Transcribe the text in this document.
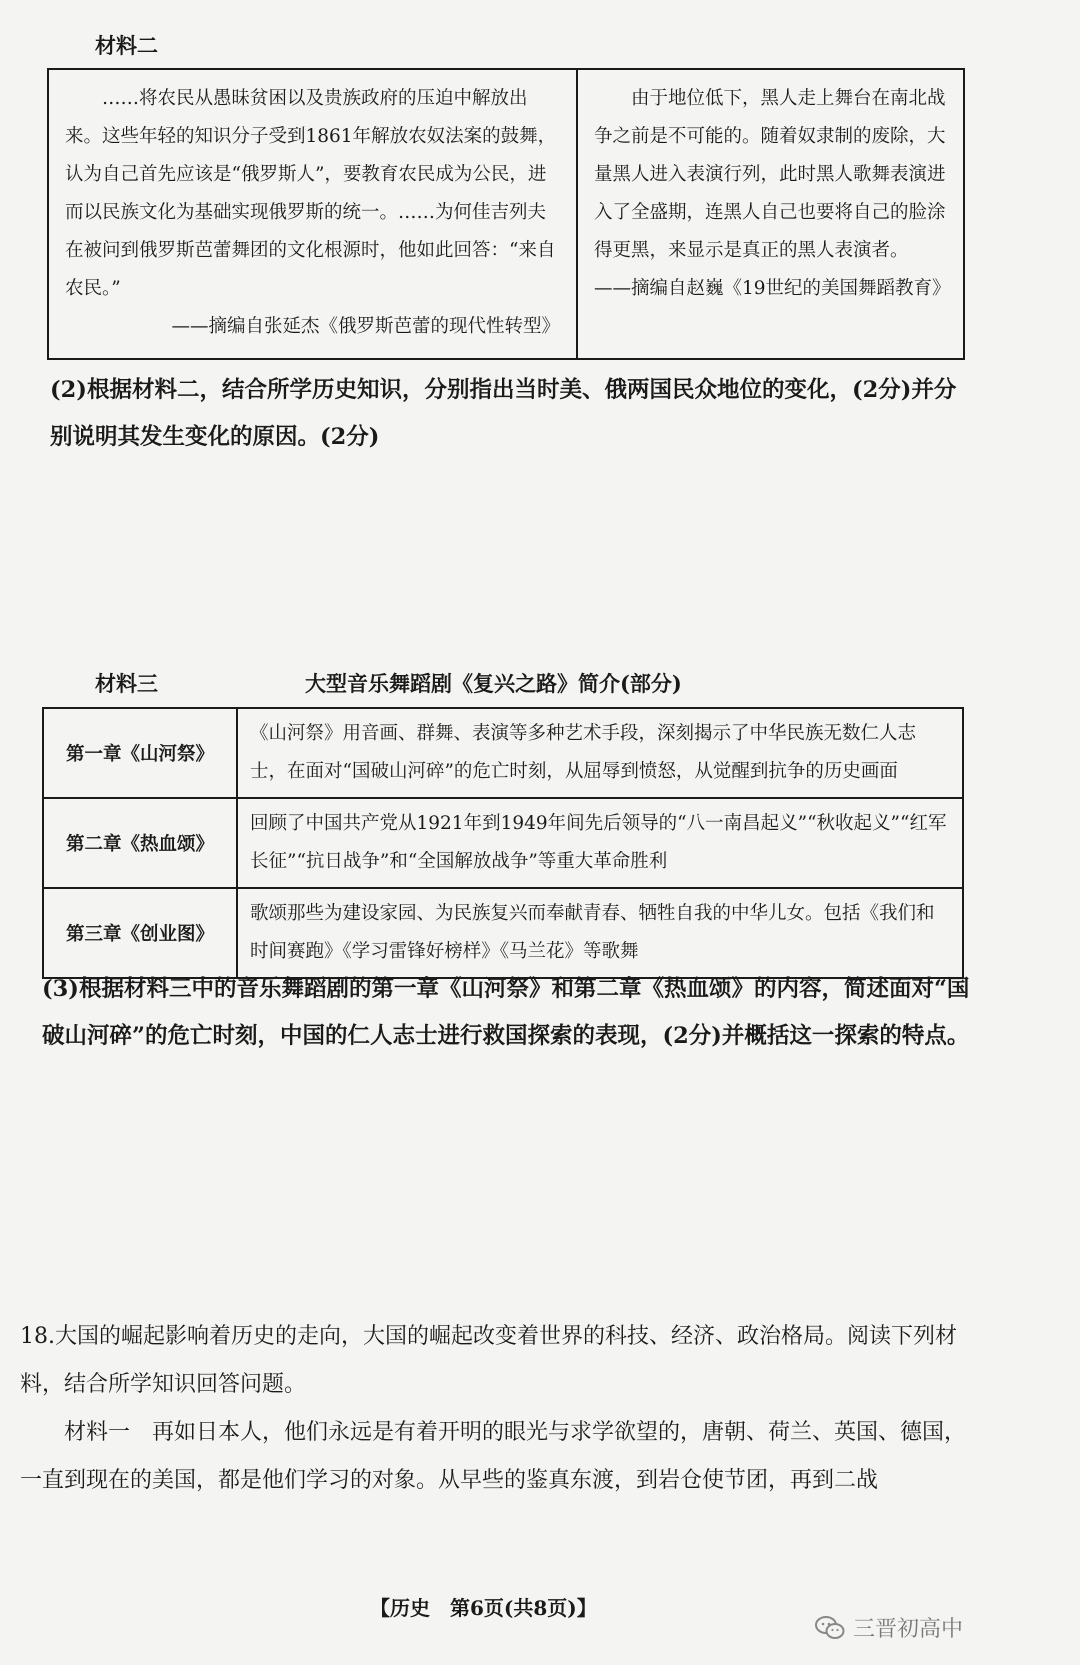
材料二
……将农民从愚昧贫困以及贵族政府的压迫中解放出来。这些年轻的知识分子受到1861年解放农奴法案的鼓舞，认为自己首先应该是“俄罗斯人”，要教育农民成为公民，进而以民族文化为基础实现俄罗斯的统一。……为何佳吉列夫在被问到俄罗斯芭蕾舞团的文化根源时，他如此回答：“来自农民。”
——摘编自张延杰《俄罗斯芭蕾的现代性转型》

由于地位低下，黑人走上舞台在南北战争之前是不可能的。随着奴隶制的废除，大量黑人进入表演行列，此时黑人歌舞表演进入了全盛期，连黑人自己也要将自己的脸涂得更黑，来显示是真正的黑人表演者。
——摘编自赵巍《19世纪的美国舞蹈教育》
(2)根据材料二，结合所学历史知识，分别指出当时美、俄两国民众地位的变化，(2分)并分别说明其发生变化的原因。(2分)
材料三	大型音乐舞蹈剧《复兴之路》简介(部分)
第一章《山河祭》	《山河祭》用音画、群舞、表演等多种艺术手段，深刻揭示了中华民族无数仁人志士，在面对“国破山河碎”的危亡时刻，从屈辱到愤怒，从觉醒到抗争的历史画面
第二章《热血颂》	回顾了中国共产党从1921年到1949年间先后领导的“八一南昌起义”“秋收起义”“红军长征”“抗日战争”和“全国解放战争”等重大革命胜利
第三章《创业图》	歌颂那些为建设家园、为民族复兴而奉献青春、牺牲自我的中华儿女。包括《我们和时间赛跑》《学习雷锋好榜样》《马兰花》等歌舞
(3)根据材料三中的音乐舞蹈剧的第一章《山河祭》和第二章《热血颂》的内容，简述面对“国破山河碎”的危亡时刻，中国的仁人志士进行救国探索的表现，(2分)并概括这一探索的特点。
18.大国的崛起影响着历史的走向，大国的崛起改变着世界的科技、经济、政治格局。阅读下列材料，结合所学知识回答问题。
材料一　再如日本人，他们永远是有着开明的眼光与求学欲望的，唐朝、荷兰、英国、德国，一直到现在的美国，都是他们学习的对象。从早些的鉴真东渡，到岩仓使节团，再到二战
【历史　第6页(共8页)】
三晋初高中
